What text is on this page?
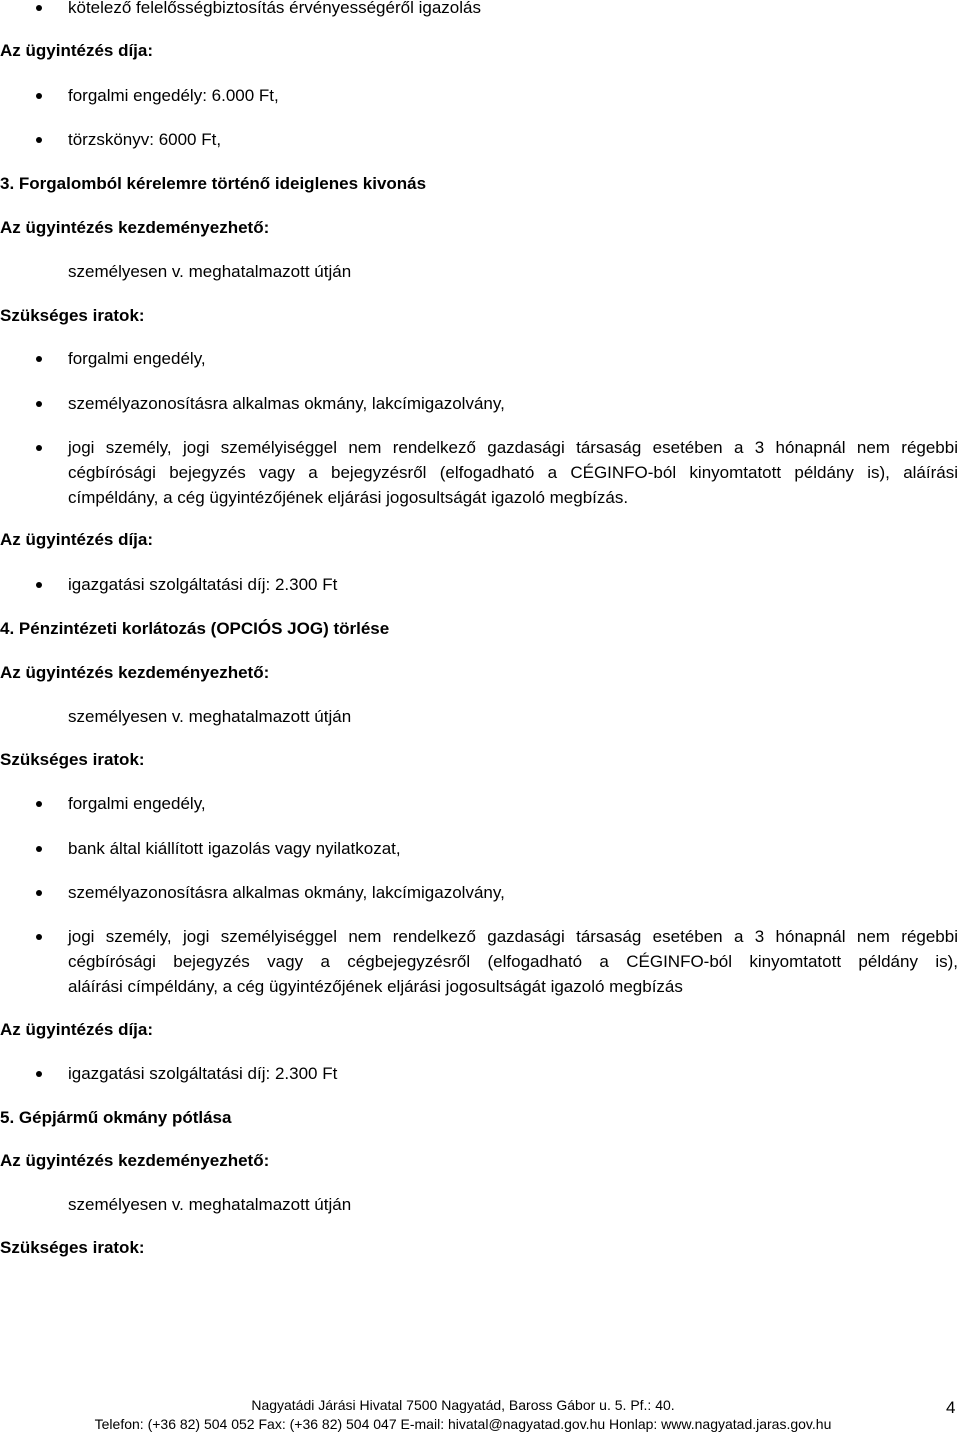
kötelező felelősségbiztosítás érvényességéről igazolás
Az ügyintézés díja:
forgalmi engedély: 6.000 Ft,
törzskönyv: 6000 Ft,
3. Forgalomból kérelemre történő ideiglenes kivonás
Az ügyintézés kezdeményezhető:
személyesen v. meghatalmazott útján
Szükséges iratok:
forgalmi engedély,
személyazonosításra alkalmas okmány, lakcímigazolvány,
jogi személy, jogi személyiséggel nem rendelkező gazdasági társaság esetében a 3 hónapnál nem régebbi
cégbírósági bejegyzés vagy a bejegyzésről (elfogadható a CÉGINFO-ból kinyomtatott példány is), aláírási
címpéldány, a cég ügyintézőjének eljárási jogosultságát igazoló megbízás.
Az ügyintézés díja:
igazgatási szolgáltatási díj: 2.300 Ft
4. Pénzintézeti korlátozás (OPCIÓS JOG) törlése
Az ügyintézés kezdeményezhető:
személyesen v. meghatalmazott útján
Szükséges iratok:
forgalmi engedély,
bank által kiállított igazolás vagy nyilatkozat,
személyazonosításra alkalmas okmány, lakcímigazolvány,
jogi személy, jogi személyiséggel nem rendelkező gazdasági társaság esetében a 3 hónapnál nem régebbi
cégbírósági bejegyzés vagy a cégbejegyzésről (elfogadható a CÉGINFO-ból kinyomtatott példány is),
aláírási címpéldány, a cég ügyintézőjének eljárási jogosultságát igazoló megbízás
Az ügyintézés díja:
igazgatási szolgáltatási díj: 2.300 Ft
5. Gépjármű okmány pótlása
Az ügyintézés kezdeményezhető:
személyesen v. meghatalmazott útján
Szükséges iratok:
Nagyatádi Járási Hivatal 7500 Nagyatád, Baross Gábor u. 5. Pf.: 40.
Telefon: (+36 82) 504 052 Fax: (+36 82) 504 047 E-mail: hivatal@nagyatad.gov.hu Honlap: www.nagyatad.jaras.gov.hu
4
